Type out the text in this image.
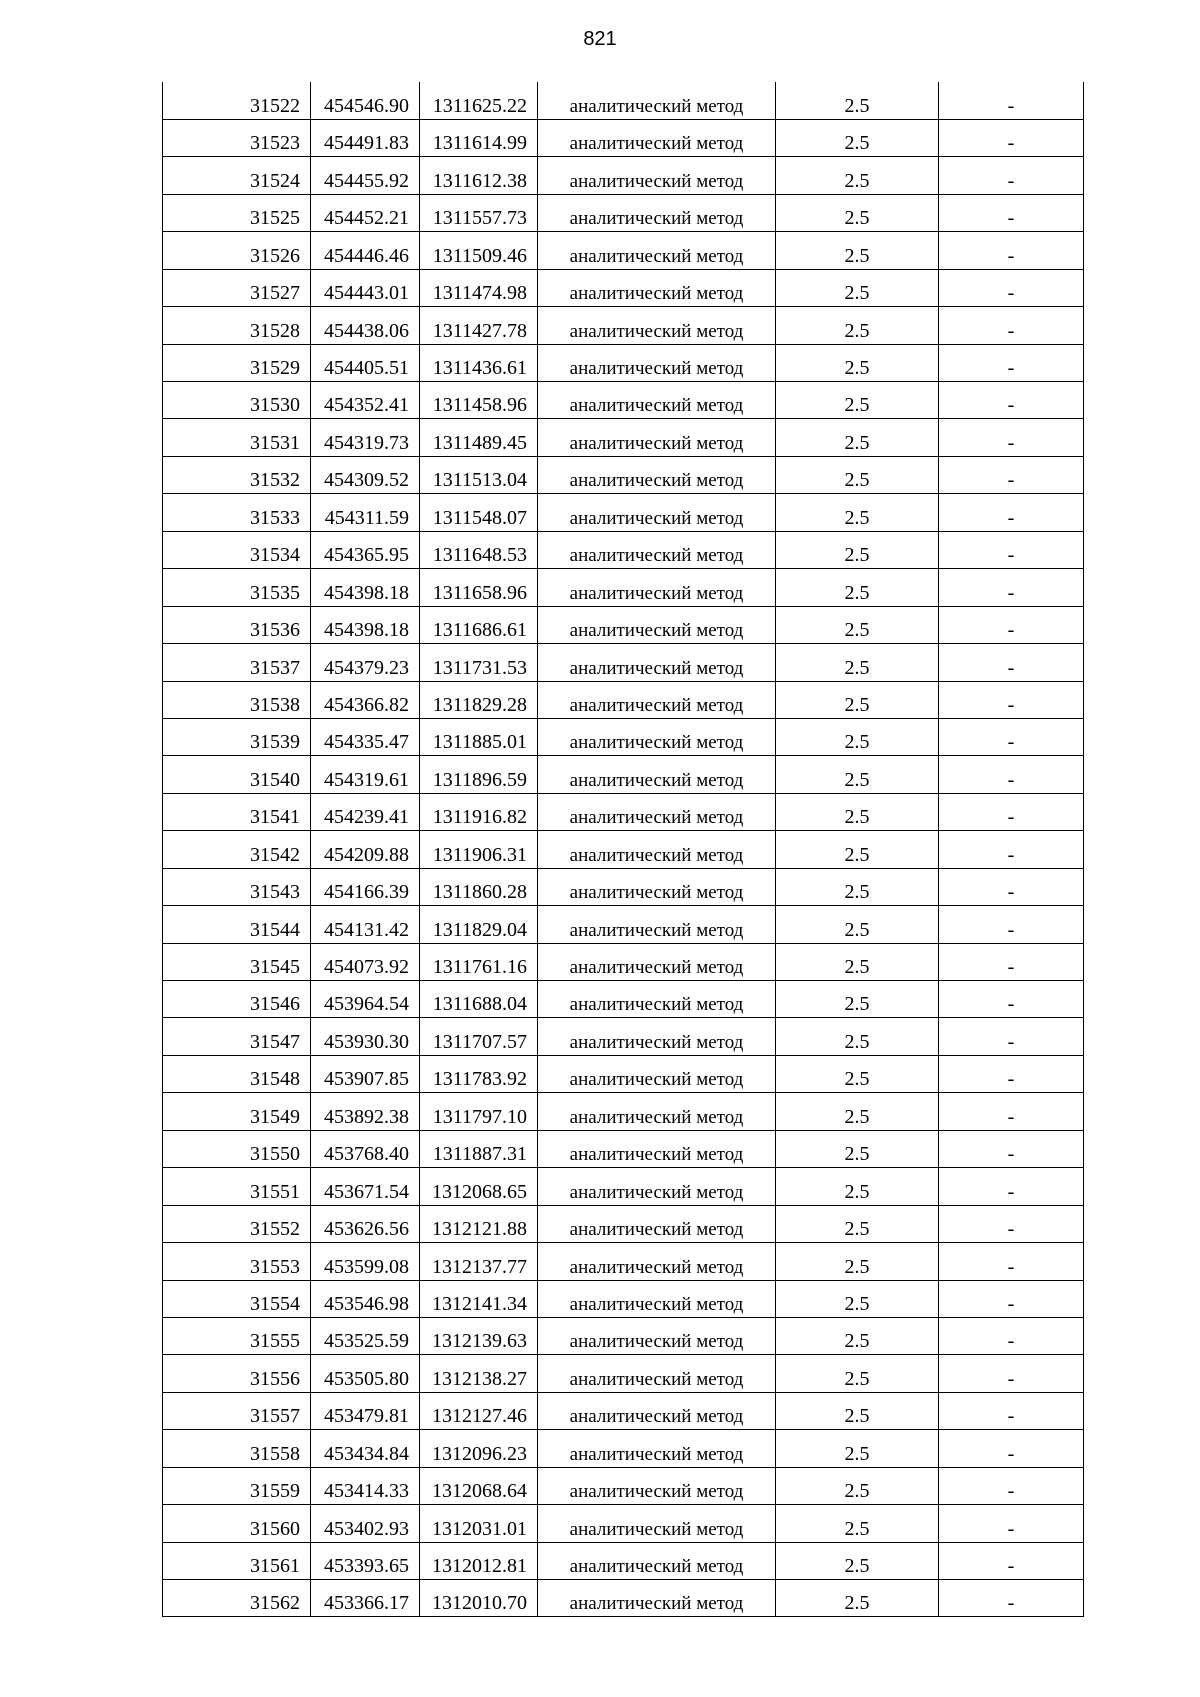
821
31522	454546.90	1311625.22	аналитический метод	2.5	-
31523	454491.83	1311614.99	аналитический метод	2.5	-
31524	454455.92	1311612.38	аналитический метод	2.5	-
31525	454452.21	1311557.73	аналитический метод	2.5	-
31526	454446.46	1311509.46	аналитический метод	2.5	-
31527	454443.01	1311474.98	аналитический метод	2.5	-
31528	454438.06	1311427.78	аналитический метод	2.5	-
31529	454405.51	1311436.61	аналитический метод	2.5	-
31530	454352.41	1311458.96	аналитический метод	2.5	-
31531	454319.73	1311489.45	аналитический метод	2.5	-
31532	454309.52	1311513.04	аналитический метод	2.5	-
31533	454311.59	1311548.07	аналитический метод	2.5	-
31534	454365.95	1311648.53	аналитический метод	2.5	-
31535	454398.18	1311658.96	аналитический метод	2.5	-
31536	454398.18	1311686.61	аналитический метод	2.5	-
31537	454379.23	1311731.53	аналитический метод	2.5	-
31538	454366.82	1311829.28	аналитический метод	2.5	-
31539	454335.47	1311885.01	аналитический метод	2.5	-
31540	454319.61	1311896.59	аналитический метод	2.5	-
31541	454239.41	1311916.82	аналитический метод	2.5	-
31542	454209.88	1311906.31	аналитический метод	2.5	-
31543	454166.39	1311860.28	аналитический метод	2.5	-
31544	454131.42	1311829.04	аналитический метод	2.5	-
31545	454073.92	1311761.16	аналитический метод	2.5	-
31546	453964.54	1311688.04	аналитический метод	2.5	-
31547	453930.30	1311707.57	аналитический метод	2.5	-
31548	453907.85	1311783.92	аналитический метод	2.5	-
31549	453892.38	1311797.10	аналитический метод	2.5	-
31550	453768.40	1311887.31	аналитический метод	2.5	-
31551	453671.54	1312068.65	аналитический метод	2.5	-
31552	453626.56	1312121.88	аналитический метод	2.5	-
31553	453599.08	1312137.77	аналитический метод	2.5	-
31554	453546.98	1312141.34	аналитический метод	2.5	-
31555	453525.59	1312139.63	аналитический метод	2.5	-
31556	453505.80	1312138.27	аналитический метод	2.5	-
31557	453479.81	1312127.46	аналитический метод	2.5	-
31558	453434.84	1312096.23	аналитический метод	2.5	-
31559	453414.33	1312068.64	аналитический метод	2.5	-
31560	453402.93	1312031.01	аналитический метод	2.5	-
31561	453393.65	1312012.81	аналитический метод	2.5	-
31562	453366.17	1312010.70	аналитический метод	2.5	-
